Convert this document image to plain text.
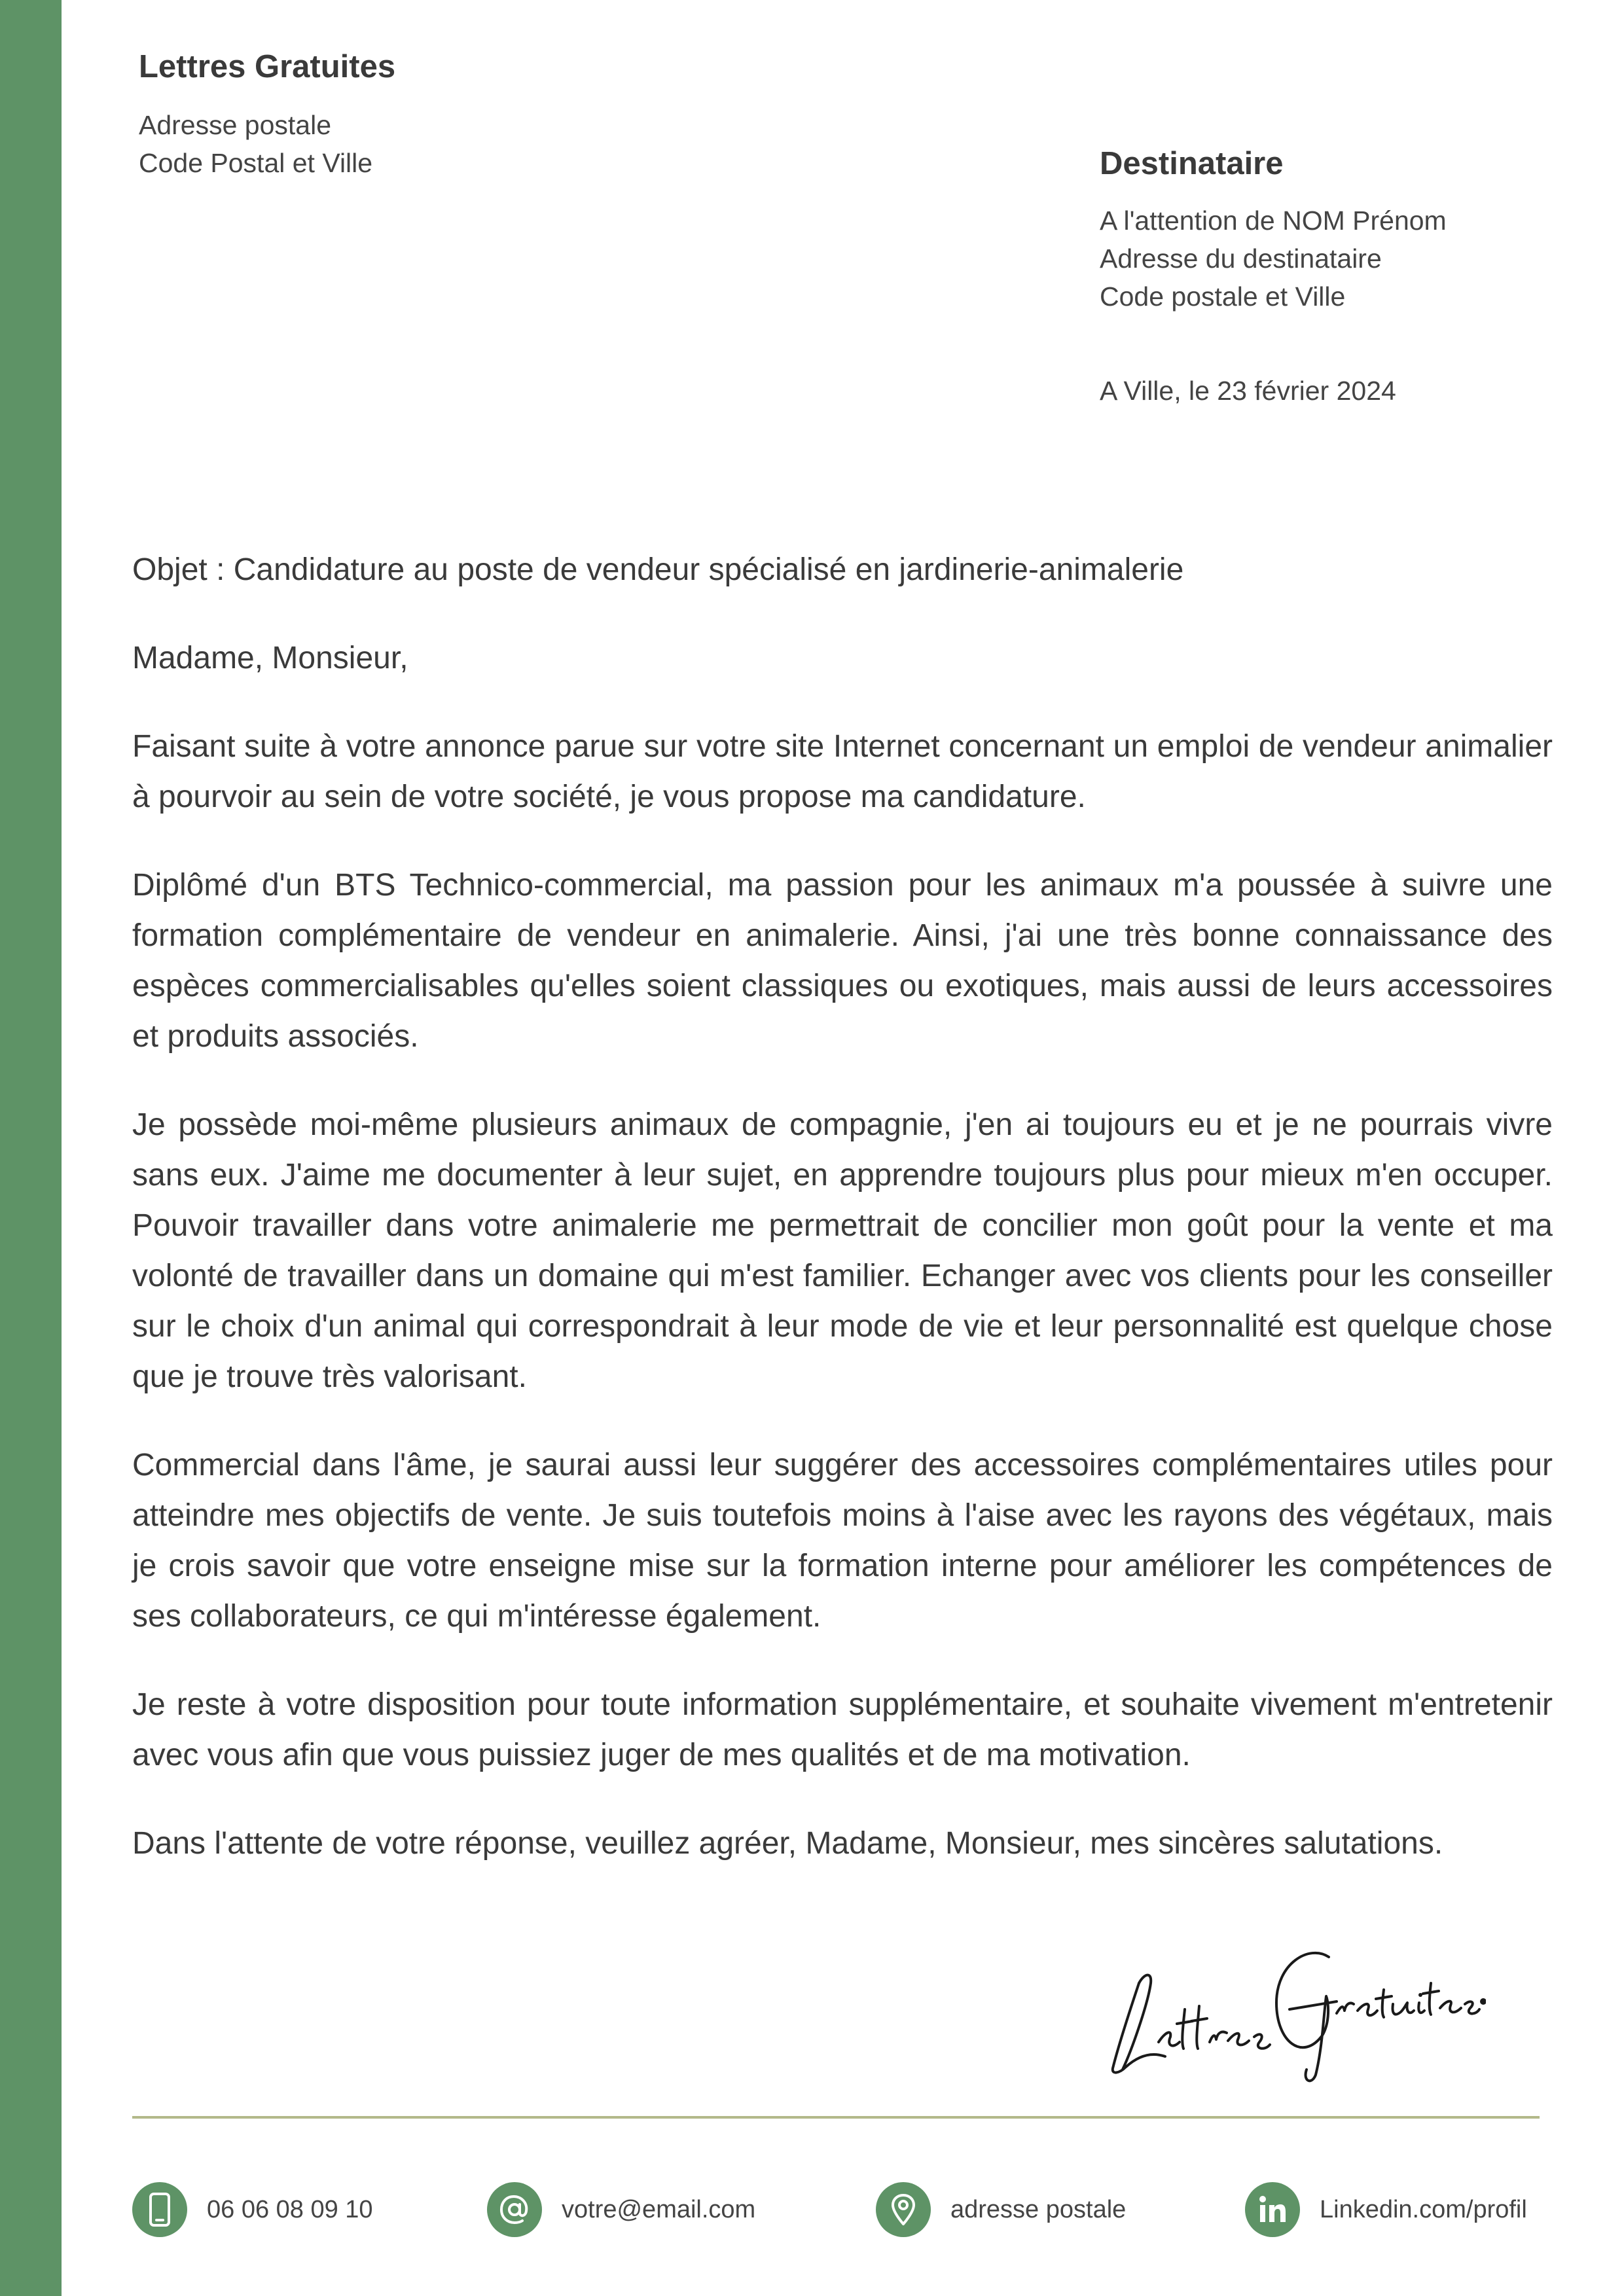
Lettres Gratuites
Adresse postale
Code Postal et Ville	Destinataire
A l'attention de NOM Prénom
Adresse du destinataire
Code postale et Ville
A Ville, le 23 février 2024

Objet : Candidature au poste de vendeur spécialisé en jardinerie-animalerie

Madame, Monsieur,

Faisant suite à votre annonce parue sur votre site Internet concernant un emploi de vendeur animalier à pourvoir au sein de votre société, je vous propose ma candidature.

Diplômé d'un BTS Technico-commercial, ma passion pour les animaux m'a poussée à suivre une formation complémentaire de vendeur en animalerie. Ainsi, j'ai une très bonne connaissance des espèces commercialisables qu'elles soient classiques ou exotiques, mais aussi de leurs accessoires et produits associés.

Je possède moi-même plusieurs animaux de compagnie, j'en ai toujours eu et je ne pourrais vivre sans eux. J'aime me documenter à leur sujet, en apprendre toujours plus pour mieux m'en occuper. Pouvoir travailler dans votre animalerie me permettrait de concilier mon goût pour la vente et ma volonté de travailler dans un domaine qui m'est familier. Echanger avec vos clients pour les conseiller sur le choix d'un animal qui correspondrait à leur mode de vie et leur personnalité est quelque chose que je trouve très valorisant.

Commercial dans l'âme, je saurai aussi leur suggérer des accessoires complémentaires utiles pour atteindre mes objectifs de vente. Je suis toutefois moins à l'aise avec les rayons des végétaux, mais je crois savoir que votre enseigne mise sur la formation interne pour améliorer les compétences de ses collaborateurs, ce qui m'intéresse également.

Je reste à votre disposition pour toute information supplémentaire, et souhaite vivement m'entretenir avec vous afin que vous puissiez juger de mes qualités et de ma motivation.

Dans l'attente de votre réponse, veuillez agréer, Madame, Monsieur, mes sincères salutations.

06 06 08 09 10	votre@email.com	adresse postale	Linkedin.com/profil
